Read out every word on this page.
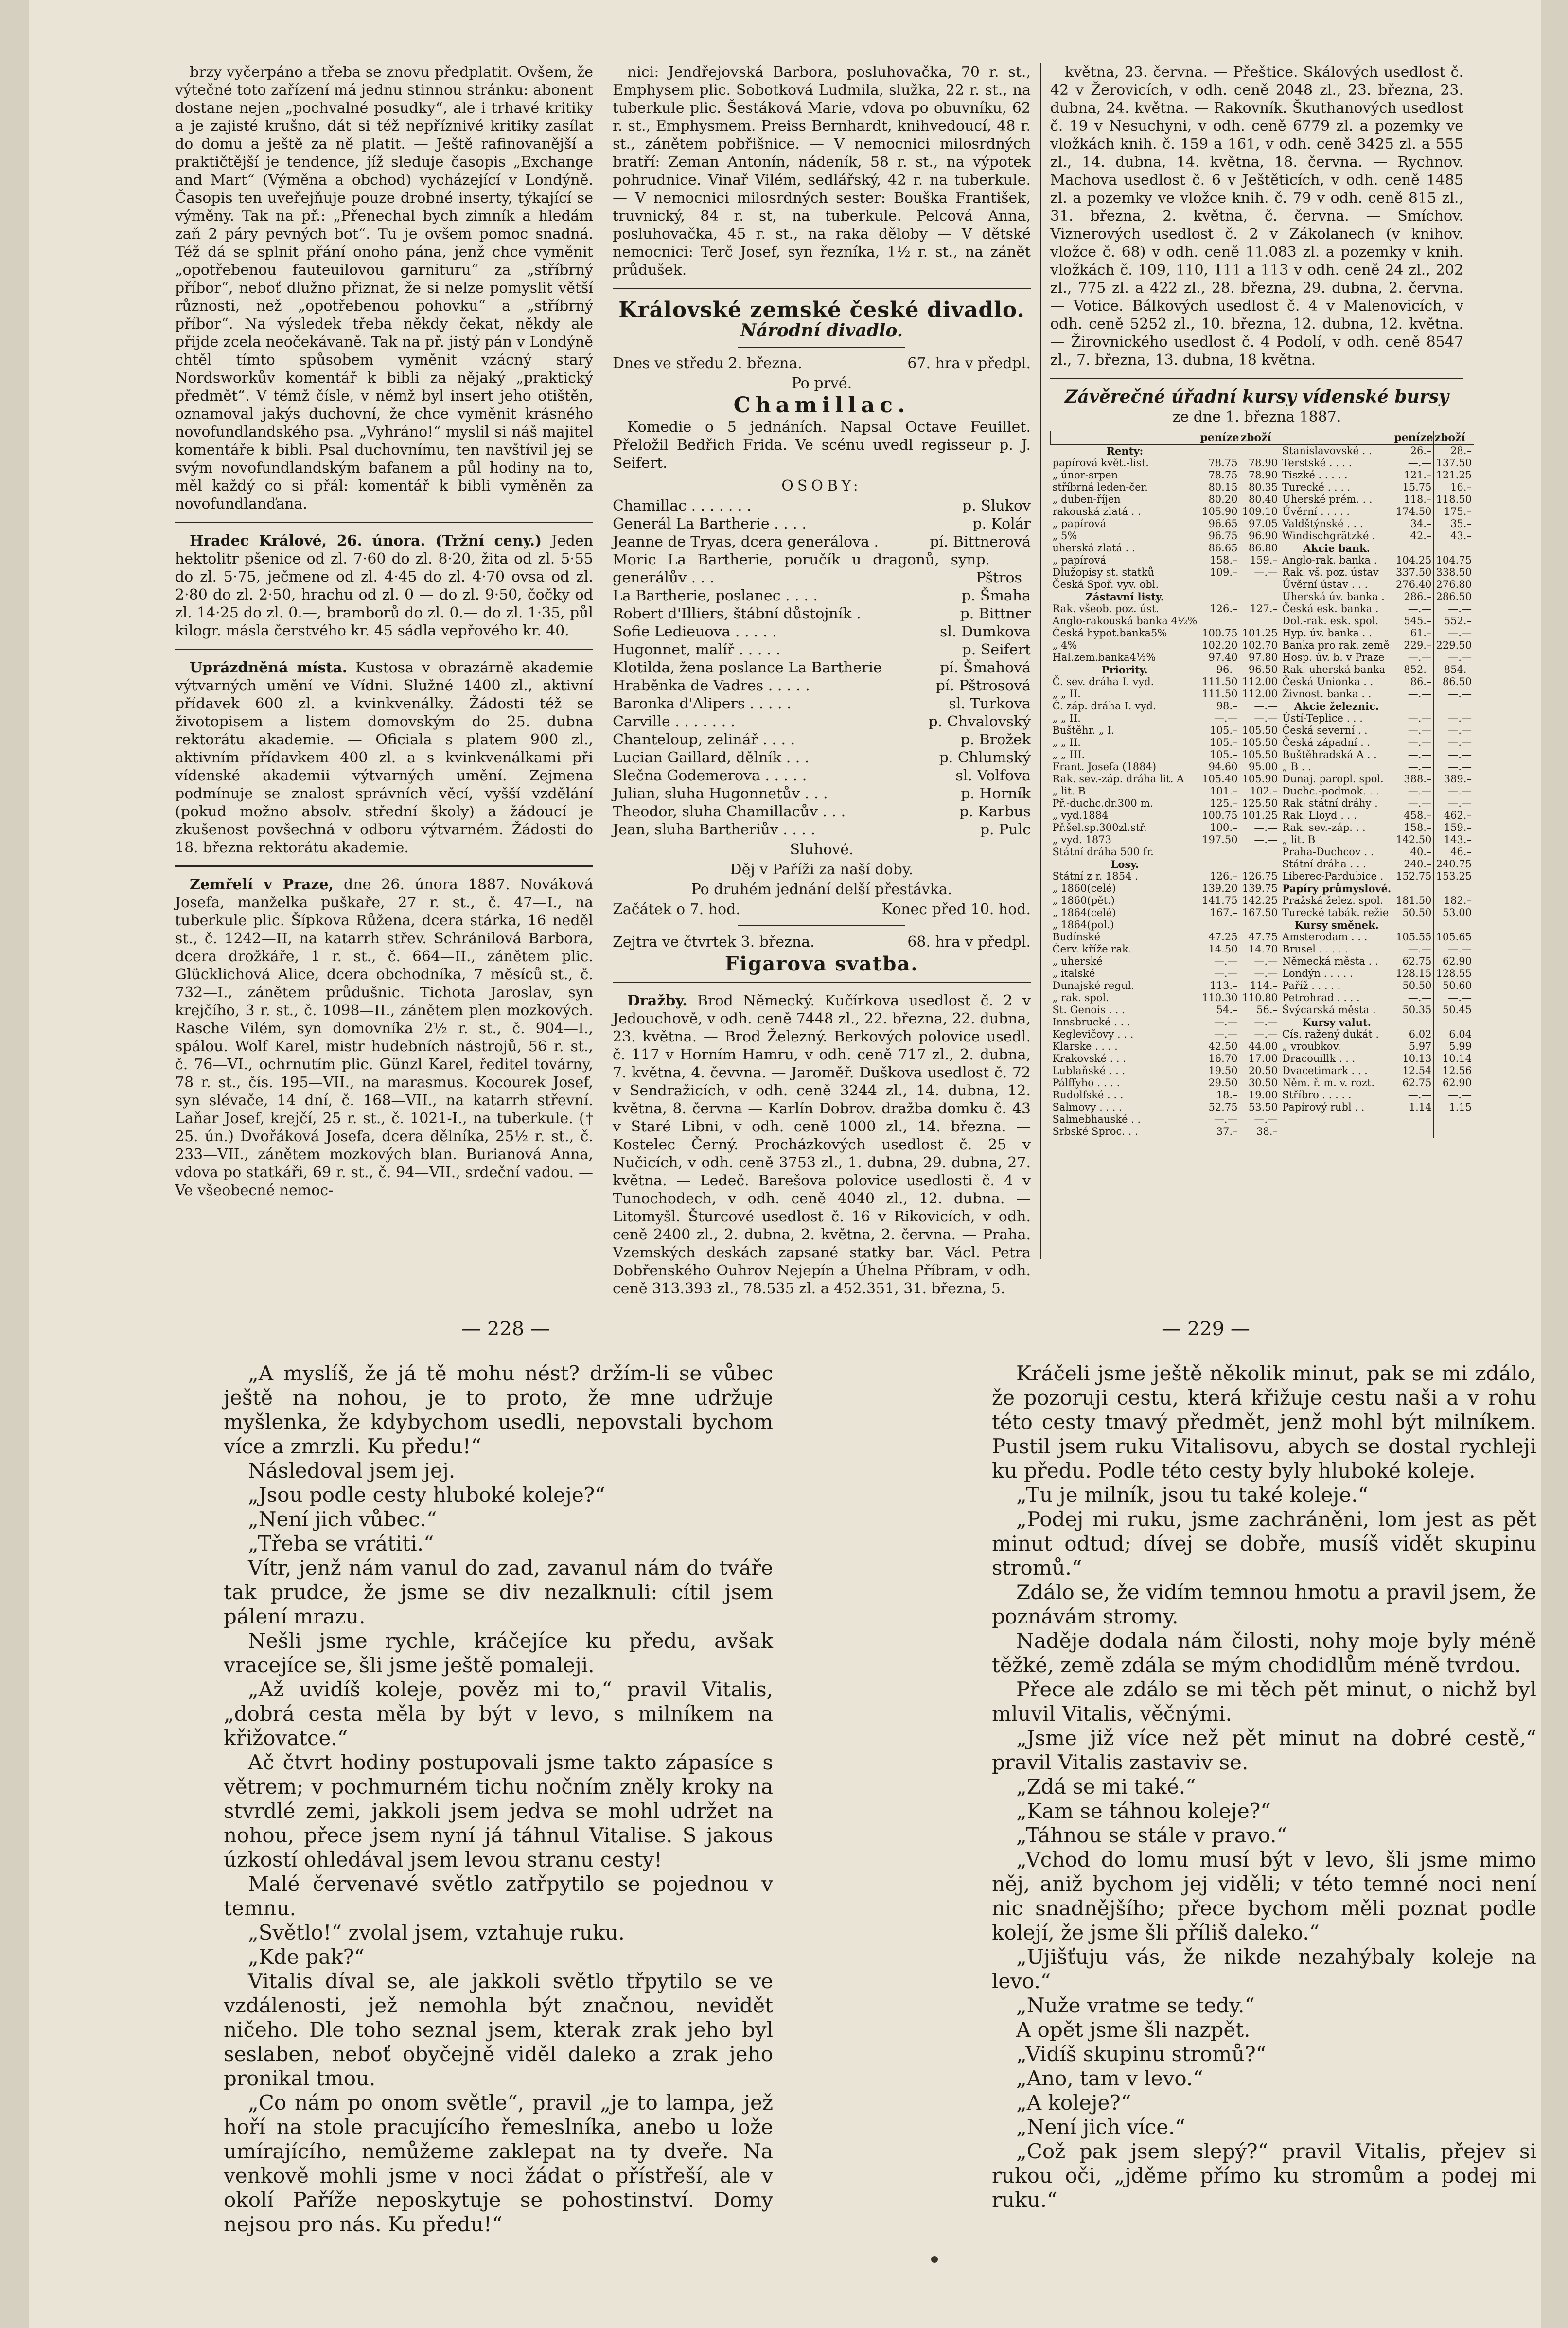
brzy vyčerpáno a třeba se znovu předplatit. Ovšem, že výtečné toto zařízení má jednu stinnou stránku: abonent dostane nejen „pochvalné posudky“, ale i trhavé kritiky a je zajisté krušno, dát si též nepříznivé kritiky zasílat do domu a ještě za ně platit. — Ještě rafinovanější a praktičtější je tendence, jíž sleduje časopis „Exchange and Mart“ (Výměna a obchod) vycházející v Londýně. Časopis ten uveřejňuje pouze drobné inserty, týkající se výměny. Tak na př.: „Přenechal bych zimník a hledám zaň 2 páry pevných bot“. Tu je ovšem pomoc snadná. Též dá se splnit přání onoho pána, jenž chce vyměnit „opotřebenou fauteuilovou garnituru“ za „stříbrný příbor“, neboť dlužno přiznat, že si nelze pomyslit větší různosti, než „opotřebenou pohovku“ a „stříbrný příbor“. Na výsledek třeba někdy čekat, někdy ale přijde zcela neočekávaně. Tak na př. jistý pán v Londýně chtěl tímto spůsobem vyměnit vzácný starý Nordsworkův komentář k bibli za nějaký „praktický předmět“. V témž čísle, v němž byl insert jeho otištěn, oznamoval jakýs duchovní, že chce vyměnit krásného novofundlandského psa. „Vyhráno!“ myslil si náš majitel komentáře k bibli. Psal duchovnímu, ten navštívil jej se svým novofundlandským bafanem a půl hodiny na to, měl každý co si přál: komentář k bibli vyměněn za novofundlanďana.

Hradec Králové, 26. února. (Tržní ceny.) Jeden hektolitr pšenice od zl. 7·60 do zl. 8·20, žita od zl. 5·55 do zl. 5·75, ječmene od zl. 4·45 do zl. 4·70 ovsa od zl. 2·80 do zl. 2·50, hrachu od zl. 0 — do zl. 9·50, čočky od zl. 14·25 do zl. 0.—, bramborů do zl. 0.— do zl. 1·35, půl kilogr. másla čerstvého kr. 45 sádla vepřového kr. 40.

Uprázdněná místa. Kustosa v obrazárně akademie výtvarných umění ve Vídni. Služné 1400 zl., aktivní přídavek 600 zl. a kvinkvenálky. Žádosti též se životopisem a listem domovským do 25. dubna rektorátu akademie. — Oficiala s platem 900 zl., aktivním přídavkem 400 zl. a s kvinkvenálkami při vídenské akademii výtvarných umění. Zejmena podmínuje se znalost správních věcí, vyšší vzdělání (pokud možno absolv. střední školy) a žádoucí je zkušenost povšechná v odboru výtvarném. Žádosti do 18. března rektorátu akademie.

Zemřelí v Praze, dne 26. února 1887. Nováková Josefa, manželka puškaře, 27 r. st., č. 47—I., na tuberkule plic. Šípkova Růžena, dcera stárka, 16 neděl st., č. 1242—II, na katarrh střev. Schránilová Barbora, dcera drožkáře, 1 r. st., č. 664—II., zánětem plic. Glücklichová Alice, dcera obchodníka, 7 měsíců st., č. 732—I., zánětem průdušnic. Tichota Jaroslav, syn krejčího, 3 r. st., č. 1098—II., zánětem plen mozkových. Rasche Vilém, syn domovníka 2½ r. st., č. 904—I., spálou. Wolf Karel, mistr hudebních nástrojů, 56 r. st., č. 76—VI., ochrnutím plic. Günzl Karel, ředitel továrny, 78 r. st., čís. 195—VII., na marasmus. Kocourek Josef, syn slévače, 14 dní, č. 168—VII., na katarrh střevní. Laňar Josef, krejčí, 25 r. st., č. 1021-I., na tuberkule. († 25. ún.) Dvořáková Josefa, dcera dělníka, 25½ r. st., č. 233—VII., zánětem mozkových blan. Burianová Anna, vdova po statkáři, 69 r. st., č. 94—VII., srdeční vadou. — Ve všeobecné nemoc-

nici: Jendřejovská Barbora, posluhovačka, 70 r. st., Emphysem plic. Sobotková Ludmila, služka, 22 r. st., na tuberkule plic. Šestáková Marie, vdova po obuvníku, 62 r. st., Emphysmem. Preiss Bernhardt, knihvedoucí, 48 r. st., zánětem pobřišnice. — V nemocnici milosrdných bratří: Zeman Antonín, nádeník, 58 r. st., na výpotek pohrudnice. Vinař Vilém, sedlářský, 42 r. na tuberkule. — V nemocnici milosrdných sester: Bouška František, truvnický, 84 r. st, na tuberkule. Pelcová Anna, posluhovačka, 45 r. st., na raka děloby — V dětské nemocnici: Terč Josef, syn řezníka, 1½ r. st., na zánět průdušek.

Královské zemské české divadlo.
Národní divadlo.
Dnes ve středu 2. března.	67. hra v předpl.
Po prvé.
Chamillac.

Komedie o 5 jednáních. Napsal Octave Feuillet. Přeložil Bedřich Frida. Ve scénu uvedl regisseur p. J. Seifert.

OSOBY:
Chamillac . . . . . . .	p. Slukov
Generál La Bartherie . . . .	p. Kolár
Jeanne de Tryas, dcera generálova .	pí. Bittnerová
Moric La Bartherie, poručík u dragonů, syn generálův . . .
p. Pštros
La Bartherie, poslanec . . . .	p. Šmaha
Robert d'Illiers, štábní důstojník .	p. Bittner
Sofie Ledieuova . . . . .	sl. Dumkova
Hugonnet, malíř . . . . .	p. Seifert
Klotilda, žena poslance La Bartherie	pí. Šmahová
Hraběnka de Vadres . . . . .	pí. Pštrosová
Baronka d'Alipers . . . . .	sl. Turkova
Carville . . . . . . .	p. Chvalovský
Chanteloup, zelinář . . . .	p. Brožek
Lucian Gaillard, dělník . . .	p. Chlumský
Slečna Godemerova . . . . .	sl. Volfova
Julian, sluha Hugonnetův . . .	p. Horník
Theodor, sluha Chamillacův . . .	p. Karbus
Jean, sluha Bartheriův . . . .	p. Pulc
Sluhové.
Děj v Paříži za naší doby.
Po druhém jednání delší přestávka.
Začátek o 7. hod.	Konec před 10. hod.
Zejtra ve čtvrtek 3. března.	68. hra v předpl.
Figarova svatba.

Dražby. Brod Německý. Kučírkova usedlost č. 2 v Jedouchově, v odh. ceně 7448 zl., 22. března, 22. dubna, 23. května. — Brod Železný. Berkových polovice usedl. č. 117 v Horním Hamru, v odh. ceně 717 zl., 2. dubna, 7. května, 4. čevvna. — Jaroměř. Duškova usedlost č. 72 v Sendražicích, v odh. ceně 3244 zl., 14. dubna, 12. května, 8. června — Karlín Dobrov. dražba domku č. 43 v Staré Libni, v odh. ceně 1000 zl., 14. března. — Kostelec Černý. Procházkových usedlost č. 25 v Nučicích, v odh. ceně 3753 zl., 1. dubna, 29. dubna, 27. května. — Ledeč. Barešova polovice usedlosti č. 4 v Tunochodech, v odh. ceně 4040 zl., 12. dubna. — Litomyšl. Šturcové usedlost č. 16 v Rikovicích, v odh. ceně 2400 zl., 2. dubna, 2. května, 2. června. — Praha. Vzemských deskách zapsané statky bar. Václ. Petra Dobřenského Ouhrov Nejepín a Úhelna Příbram, v odh. ceně 313.393 zl., 78.535 zl. a 452.351, 31. března, 5.

května, 23. června. — Přeštice. Skálových usedlost č. 42 v Žerovicích, v odh. ceně 2048 zl., 23. března, 23. dubna, 24. května. — Rakovník. Škuthanových usedlost č. 19 v Nesuchyni, v odh. ceně 6779 zl. a pozemky ve vložkách knih. č. 159 a 161, v odh. ceně 3425 zl. a 555 zl., 14. dubna, 14. května, 18. června. — Rychnov. Machova usedlost č. 6 v Ještěticích, v odh. ceně 1485 zl. a pozemky ve vložce knih. č. 79 v odh. ceně 815 zl., 31. března, 2. května, č. června. — Smíchov. Viznerových usedlost č. 2 v Zákolanech (v knihov. vložce č. 68) v odh. ceně 11.083 zl. a pozemky v knih. vložkách č. 109, 110, 111 a 113 v odh. ceně 24 zl., 202 zl., 775 zl. a 422 zl., 28. března, 29. dubna, 2. června. — Votice. Bálkových usedlost č. 4 v Malenovicích, v odh. ceně 5252 zl., 10. března, 12. dubna, 12. května. — Žirovnického usedlost č. 4 Podolí, v odh. ceně 8547 zl., 7. března, 13. dubna, 18 května.

Závěrečné úřadní kursy vídenské bursy
ze dne 1. března 1887.
	peníze	zboží		peníze	zboží
Renty:			Stanislavovské . .	26.–	28.–
papírová květ.-list.	78.75	78.90	Terstské . . . .	—.—	137.50
„ únor-srpen	78.75	78.90	Tiszké . . . . .	121.–	121.25
stříbrná leden-čer.	80.15	80.35	Turecké . . . .	15.75	16.–
„ duben-říjen	80.20	80.40	Uherské prém. . .	118.–	118.50
rakouská zlatá . .	105.90	109.10	Úvěrní . . . . .	174.50	175.–
„ papírová	96.65	97.05	Valdštýnské . . .	34.–	35.–
„ 5%	96.75	96.90	Windischgrätzké .	42.–	43.–
uherská zlatá . .	86.65	86.80	Akcie bank.		
„ papírová	158.–	159.–	Anglo-rak. banka .	104.25	104.75
Dlužopisy st. statků	109.–	—.—	Rak. vš. poz. ústav	337.50	338.50
Česká Spoř. vyv. obl.			Úvěrní ústav . . .	276.40	276.80
Zástavní listy.			Uherská úv. banka .	286.–	286.50
Rak. všeob. poz. úst.	126.–	127.–	Česká esk. banka .	—.—	—.—
Anglo-rakouská banka 4½%			Dol.-rak. esk. spol.	545.–	552.–
Česká hypot.banka5%	100.75	101.25	Hyp. úv. banka . .	61.–	—.—
„ 4%	102.20	102.70	Banka pro rak. země	229.–	229.50
Hal.zem.banka4½%	97.40	97.80	Hosp. úv. b. v Praze	—.—	—.—
Priority.	96.–	96.50	Rak.-uherská banka	852.–	854.–
Č. sev. dráha I. vyd.	111.50	112.00	Česká Unionka . .	86.–	86.50
„ „ II.	111.50	112.00	Živnost. banka . .	—.—	—.—
Č. záp. dráha I. vyd.	98.–	—.—	Akcie železnic.		
„ „ II.	—.—	—.—	Ústí-Teplice . . .	—.—	—.—
Buštěhr. „ I.	105.–	105.50	Česká severní . .	—.—	—.—
„ „ II.	105.–	105.50	Česká západní . .	—.—	—.—
„ „ III.	105.–	105.50	Buštěhradská A . .	—.—	—.—
Frant. Josefa (1884)	94.60	95.00	„ B . .	—.—	—.—
Rak. sev.-záp. dráha lit. A	105.40	105.90	Dunaj. paropl. spol.	388.–	389.–
„ lit. B	101.–	102.–	Duchc.-podmok. . .	—.—	—.—
Př.-duchc.dr.300 m.	125.–	125.50	Rak. státní dráhy .	—.—	—.—
„ vyd.1884	100.75	101.25	Rak. Lloyd . . .	458.–	462.–
Př.šel.sp.300zl.stř.	100.–	—.—	Rak. sev.-záp. . .	158.–	159.–
„ vyd. 1873	197.50	—.—	„ lit. B	142.50	143.–
Státní dráha 500 fr.			Praha-Duchcov . .	40.–	46.–
Losy.			Státní dráha . . .	240.–	240.75
Státní z r. 1854 .	126.–	126.75	Liberec-Pardubice .	152.75	153.25
„ 1860(celé)	139.20	139.75	Papíry průmyslové.		
„ 1860(pět.)	141.75	142.25	Pražská želez. spol.	181.50	182.–
„ 1864(celé)	167.–	167.50	Turecké tabák. režie	50.50	53.00
„ 1864(pol.)			Kursy směnek.		
Budínské	47.25	47.75	Amsterodam . . .	105.55	105.65
Červ. kříže rak.	14.50	14.70	Brusel . . . . .	—.—	—.—
„ uherské	—.—	—.—	Německá města . .	62.75	62.90
„ italské	—.—	—.—	Londýn . . . . .	128.15	128.55
Dunajské regul.	113.–	114.–	Paříž . . . . .	50.50	50.60
„ rak. spol.	110.30	110.80	Petrohrad . . . .	—.—	—.—
St. Genois . . .	54.–	56.–	Švýcarská města .	50.35	50.45
Innsbrucké . . .	—.—	—.—	Kursy valut.		
Keglevičovy . . .	—.—	—.—	Cís. ražený dukát .	6.02	6.04
Klarske . . . .	42.50	44.00	„ vroubkov.	5.97	5.99
Krakovské . . .	16.70	17.00	Dracouillk . . .	10.13	10.14
Lublaňské . . .	19.50	20.50	Dvacetimark . . .	12.54	12.56
Pálffyho . . . .	29.50	30.50	Něm. ř. m. v. rozt.	62.75	62.90
Rudolfské . . .	18.–	19.00	Stříbro . . . . .	—.—	—.—
Salmovy . . . .	52.75	53.50	Papírový rubl . .	1.14	1.15
Salmebhauské . .	—.—	—.—			
Srbské Sproc. . .	37.–	38.–			
— 228 —	— 229 —

„A myslíš, že já tě mohu nést? držím-li se vůbec ještě na nohou, je to proto, že mne udržuje myšlenka, že kdybychom usedli, nepovstali bychom více a zmrzli. Ku předu!“

Následoval jsem jej.

„Jsou podle cesty hluboké koleje?“

„Není jich vůbec.“

„Třeba se vrátiti.“

Vítr, jenž nám vanul do zad, zavanul nám do tváře tak prudce, že jsme se div nezalknuli: cítil jsem pálení mrazu.

Nešli jsme rychle, kráčejíce ku předu, avšak vracejíce se, šli jsme ještě pomaleji.

„Až uvidíš koleje, pověz mi to,“ pravil Vitalis, „dobrá cesta měla by být v levo, s milníkem na křižovatce.“

Ač čtvrt hodiny postupovali jsme takto zápasíce s větrem; v pochmurném tichu nočním zněly kroky na stvrdlé zemi, jakkoli jsem jedva se mohl udržet na nohou, přece jsem nyní já táhnul Vitalise. S jakous úzkostí ohledával jsem levou stranu cesty!

Malé červenavé světlo zatřpytilo se pojednou v temnu.

„Světlo!“ zvolal jsem, vztahuje ruku.

„Kde pak?“

Vitalis díval se, ale jakkoli světlo třpytilo se ve vzdálenosti, jež nemohla být značnou, nevidět ničeho. Dle toho seznal jsem, kterak zrak jeho byl seslaben, neboť obyčejně viděl daleko a zrak jeho pronikal tmou.

„Co nám po onom světle“, pravil „je to lampa, jež hoří na stole pracujícího řemeslníka, anebo u lože umírajícího, nemůžeme zaklepat na ty dveře. Na venkově mohli jsme v noci žádat o přístřeší, ale v okolí Paříže neposkytuje se pohostinství. Domy nejsou pro nás. Ku předu!“

Kráčeli jsme ještě několik minut, pak se mi zdálo, že pozoruji cestu, která křižuje cestu naši a v rohu této cesty tmavý předmět, jenž mohl být milníkem. Pustil jsem ruku Vitalisovu, abych se dostal rychleji ku předu. Podle této cesty byly hluboké koleje.

„Tu je milník, jsou tu také koleje.“

„Podej mi ruku, jsme zachráněni, lom jest as pět minut odtud; dívej se dobře, musíš vidět skupinu stromů.“

Zdálo se, že vidím temnou hmotu a pravil jsem, že poznávám stromy.

Naděje dodala nám čilosti, nohy moje byly méně těžké, země zdála se mým chodidlům méně tvrdou.

Přece ale zdálo se mi těch pět minut, o nichž byl mluvil Vitalis, věčnými.

„Jsme již více než pět minut na dobré cestě,“ pravil Vitalis zastaviv se.

„Zdá se mi také.“

„Kam se táhnou koleje?“

„Táhnou se stále v pravo.“

„Vchod do lomu musí být v levo, šli jsme mimo něj, aniž bychom jej viděli; v této temné noci není nic snadnějšího; přece bychom měli poznat podle kolejí, že jsme šli příliš daleko.“

„Ujišťuju vás, že nikde nezahýbaly koleje na levo.“

„Nuže vratme se tedy.“

A opět jsme šli nazpět.

„Vidíš skupinu stromů?“

„Ano, tam v levo.“

„A koleje?“

„Není jich více.“

„Což pak jsem slepý?“ pravil Vitalis, přejev si rukou oči, „jděme přímo ku stromům a podej mi ruku.“
